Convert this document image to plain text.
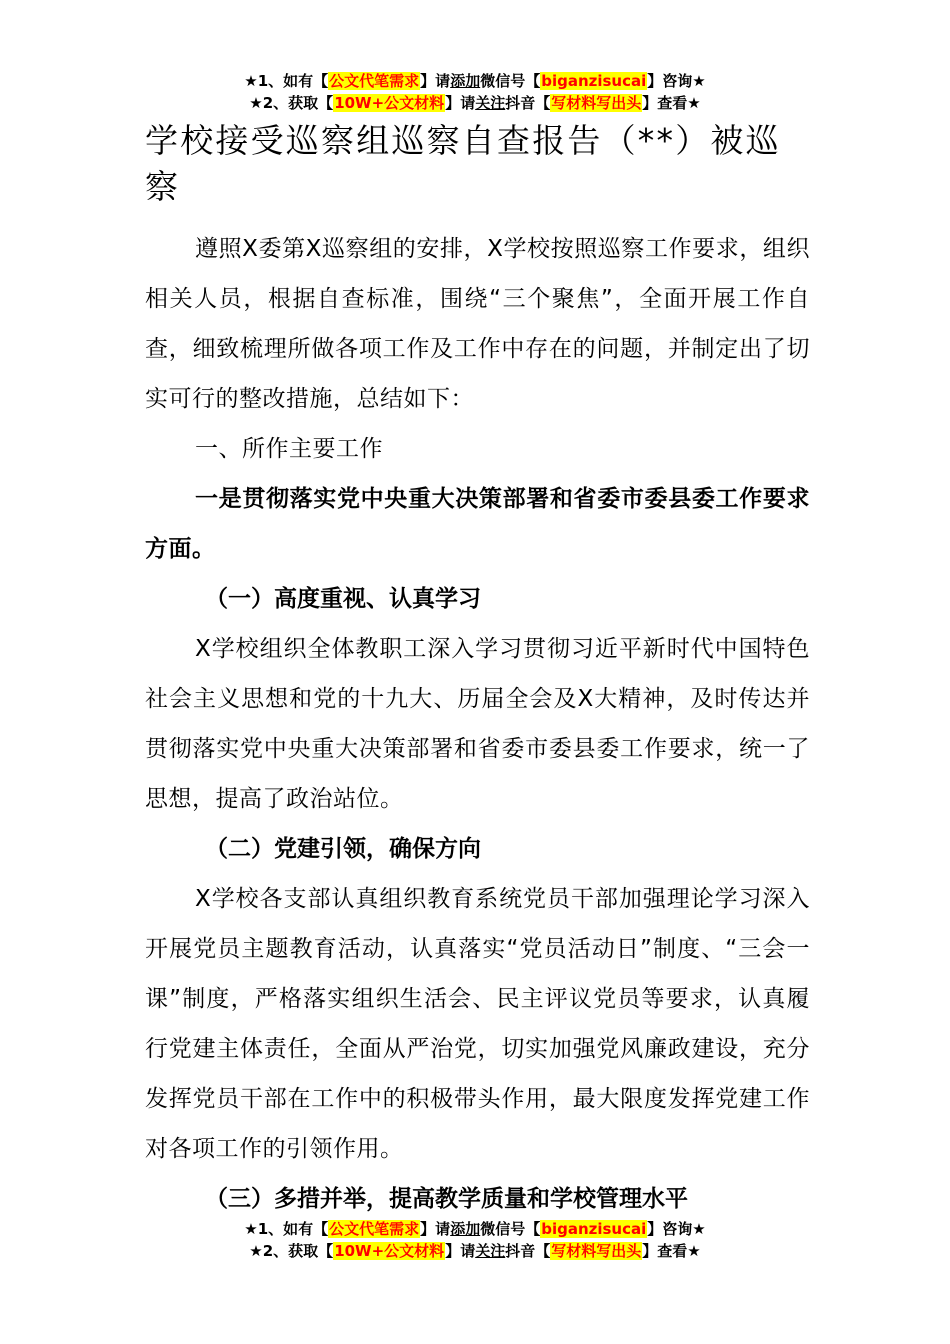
★1、如有【公文代笔需求】请添加微信号【biganzisucai】咨询★
★2、获取【10W+公文材料】请关注抖音【写材料写出头】查看★
学校接受巡察组巡察自查报告（**）被巡察

遵照X委第X巡察组的安排，X学校按照巡察工作要求，组织相关人员，根据自查标准，围绕“三个聚焦”，全面开展工作自查，细致梳理所做各项工作及工作中存在的问题，并制定出了切实可行的整改措施，总结如下：

一、所作主要工作

一是贯彻落实党中央重大决策部署和省委市委县委工作要求方面。

（一）高度重视、认真学习

X学校组织全体教职工深入学习贯彻习近平新时代中国特色社会主义思想和党的十九大、历届全会及X大精神，及时传达并贯彻落实党中央重大决策部署和省委市委县委工作要求，统一了思想，提高了政治站位。

（二）党建引领，确保方向

X学校各支部认真组织教育系统党员干部加强理论学习深入开展党员主题教育活动，认真落实“党员活动日”制度、“三会一课”制度，严格落实组织生活会、民主评议党员等要求，认真履行党建主体责任，全面从严治党，切实加强党风廉政建设，充分发挥党员干部在工作中的积极带头作用，最大限度发挥党建工作对各项工作的引领作用。

（三）多措并举，提高教学质量和学校管理水平

★1、如有【公文代笔需求】请添加微信号【biganzisucai】咨询★
★2、获取【10W+公文材料】请关注抖音【写材料写出头】查看★
